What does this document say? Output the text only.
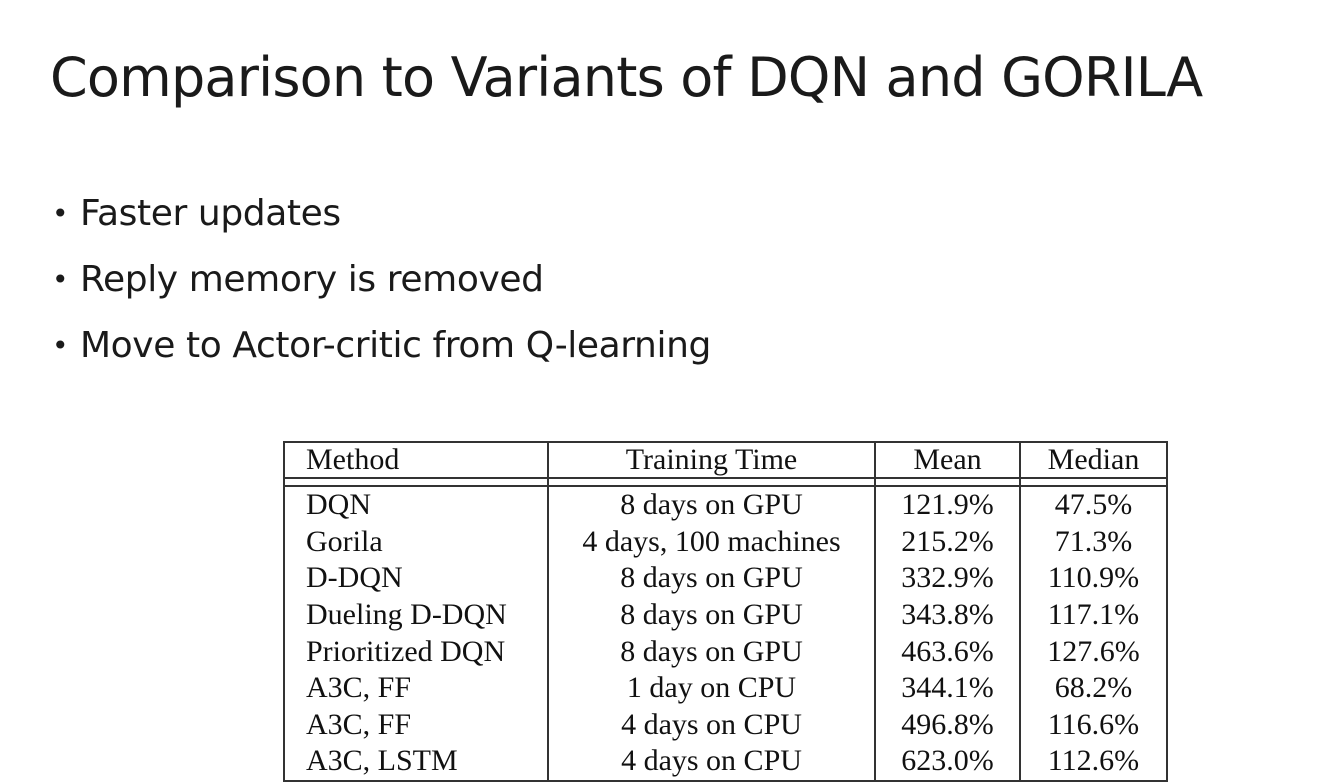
Comparison to Variants of DQN and GORILA
• Faster updates
• Reply memory is removed
• Move to Actor-critic from Q-learning
Method	Training Time	Mean	Median

DQN	8 days on GPU	121.9%	47.5%
Gorila	4 days, 100 machines	215.2%	71.3%
D-DQN	8 days on GPU	332.9%	110.9%
Dueling D-DQN	8 days on GPU	343.8%	117.1%
Prioritized DQN	8 days on GPU	463.6%	127.6%
A3C, FF	1 day on CPU	344.1%	68.2%
A3C, FF	4 days on CPU	496.8%	116.6%
A3C, LSTM	4 days on CPU	623.0%	112.6%
